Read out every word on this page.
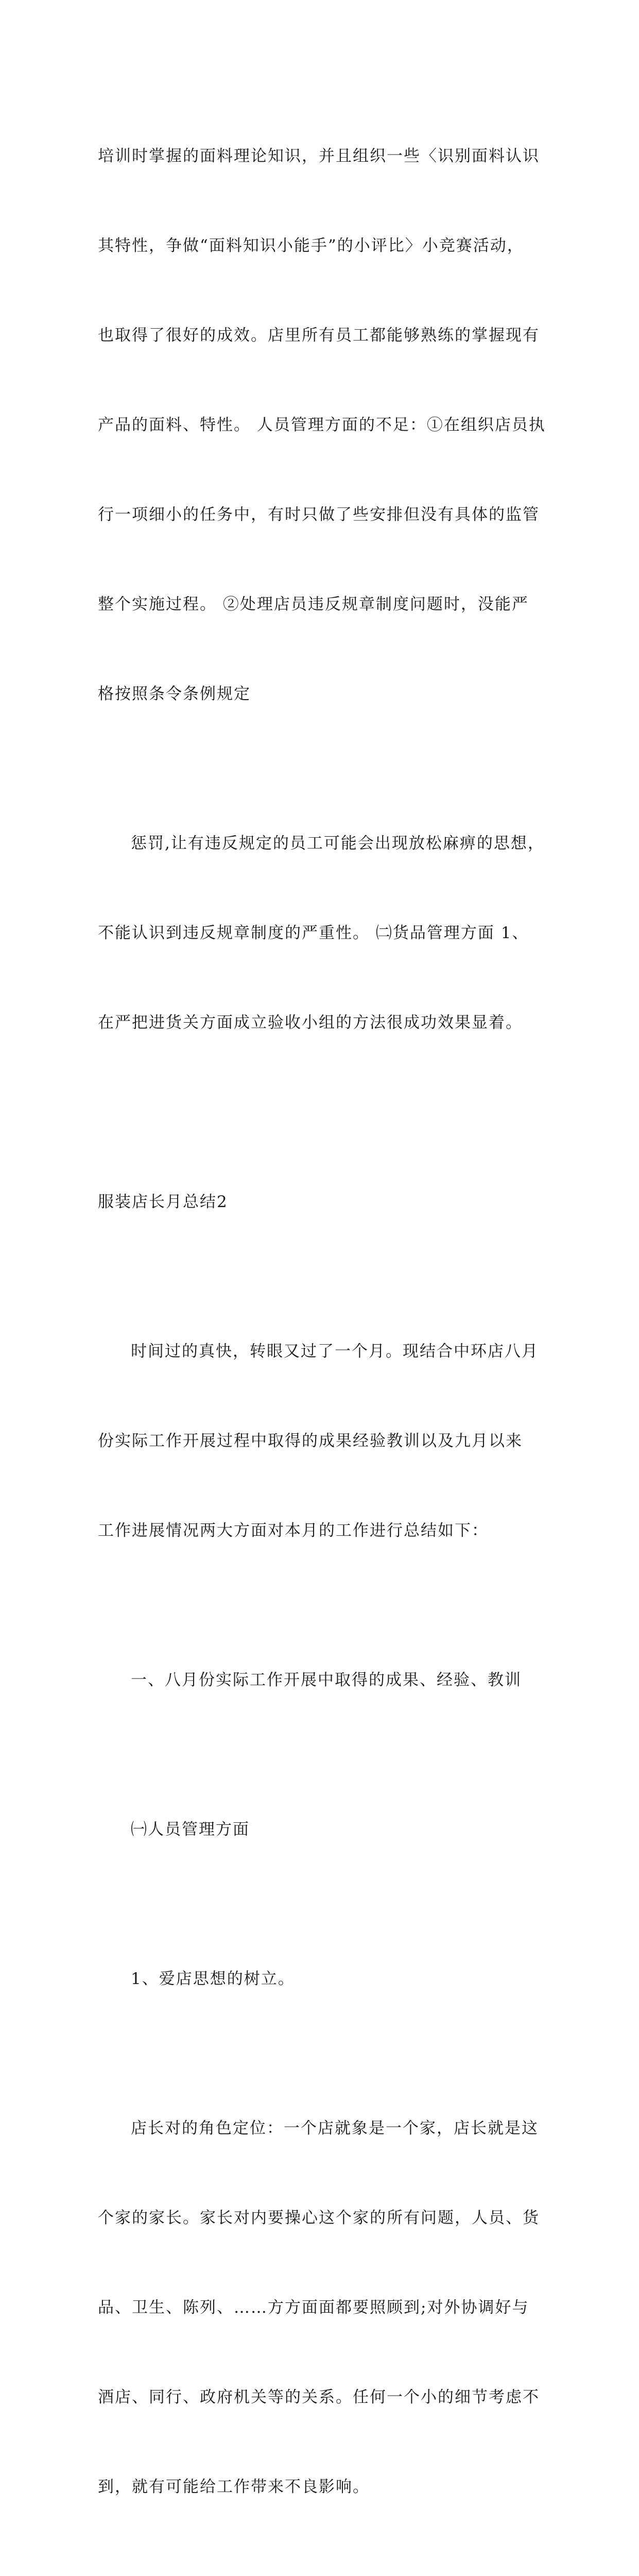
培训时掌握的面料理论知识，并且组织一些〈识别面料认识

其特性，争做“面料知识小能手”的小评比〉小竞赛活动，

也取得了很好的成效。店里所有员工都能够熟练的掌握现有

产品的面料、特性。 人员管理方面的不足：①在组织店员执

行一项细小的任务中，有时只做了些安排但没有具体的监管

整个实施过程。 ②处理店员违反规章制度问题时，没能严

格按照条令条例规定

惩罚,让有违反规定的员工可能会出现放松麻痹的思想，

不能认识到违反规章制度的严重性。 ㈡货品管理方面 1、

在严把进货关方面成立验收小组的方法很成功效果显着。

服装店长月总结2

时间过的真快，转眼又过了一个月。现结合中环店八月

份实际工作开展过程中取得的成果经验教训以及九月以来

工作进展情况两大方面对本月的工作进行总结如下：

一、八月份实际工作开展中取得的成果、经验、教训

㈠人员管理方面

1、爱店思想的树立。

店长对的角色定位：一个店就象是一个家，店长就是这

个家的家长。家长对内要操心这个家的所有问题，人员、货

品、卫生、陈列、……方方面面都要照顾到;对外协调好与

酒店、同行、政府机关等的关系。任何一个小的细节考虑不

到，就有可能给工作带来不良影响。
